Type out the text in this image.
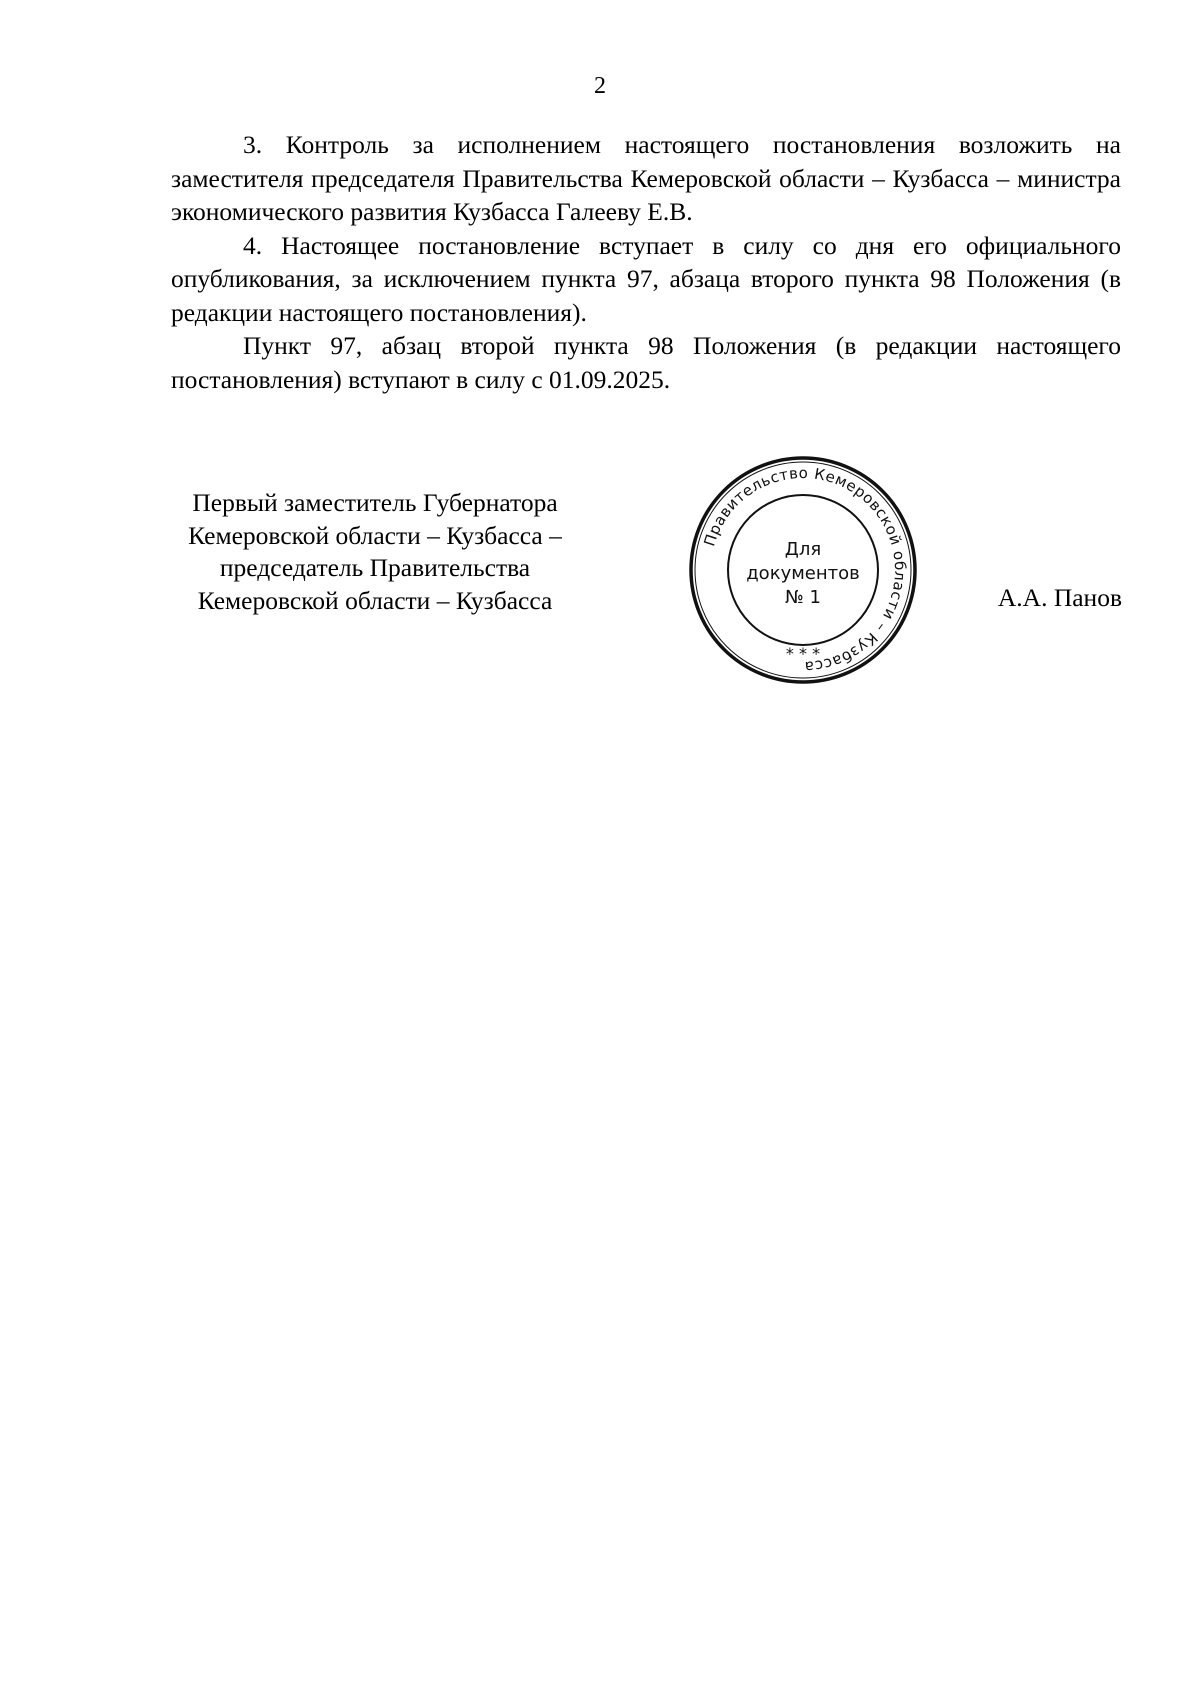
2

3. Контроль за исполнением настоящего постановления возложить на заместителя председателя Правительства Кемеровской области – Кузбасса – министра экономического развития Кузбасса Галееву Е.В.

4. Настоящее постановление вступает в силу со дня его официального опубликования, за исключением пункта 97, абзаца второго пункта 98 Положения (в редакции настоящего постановления).

Пункт 97, абзац второй пункта 98 Положения (в редакции настоящего постановления) вступают в силу с 01.09.2025.

Первый заместитель Губернатора
Кемеровской области – Кузбасса –
председатель Правительства
Кемеровской области – Кузбасса
Правительство Кемеровской области – Кузбасса
* * *
Для
документов
№ 1	А.А. Панов
